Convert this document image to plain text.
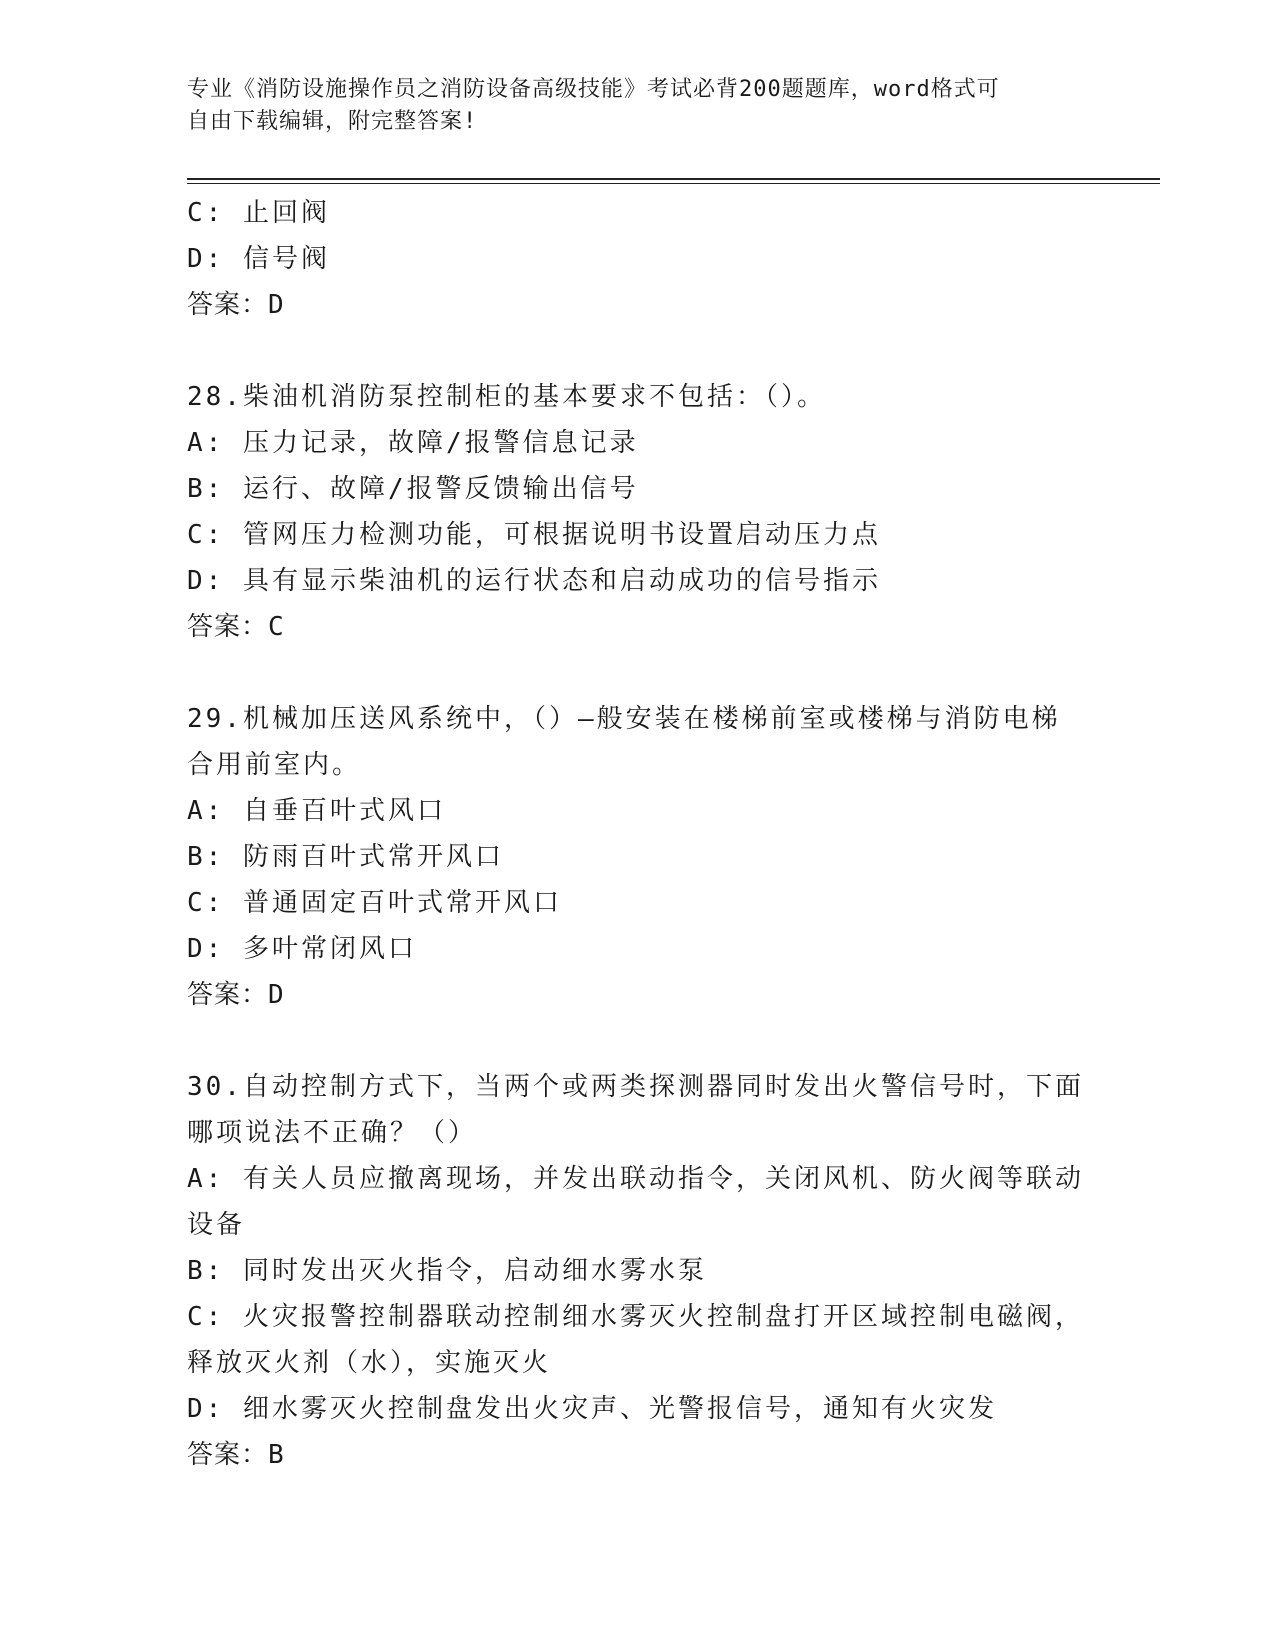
专业《消防设施操作员之消防设备高级技能》考试必背200题题库，word格式可
自由下载编辑，附完整答案!
C: 止回阀
D: 信号阀
答案：D
28.柴油机消防泵控制柜的基本要求不包括：（）。
A: 压力记录，故障/报警信息记录
B: 运行、故障/报警反馈输出信号
C: 管网压力检测功能，可根据说明书设置启动压力点
D: 具有显示柴油机的运行状态和启动成功的信号指示
答案：C
29.机械加压送风系统中，（）—般安装在楼梯前室或楼梯与消防电梯
合用前室内。
A: 自垂百叶式风口
B: 防雨百叶式常开风口
C: 普通固定百叶式常开风口
D: 多叶常闭风口
答案：D
30.自动控制方式下，当两个或两类探测器同时发出火警信号时，下面
哪项说法不正确？（）
A: 有关人员应撤离现场，并发出联动指令，关闭风机、防火阀等联动
设备
B: 同时发出灭火指令，启动细水雾水泵
C: 火灾报警控制器联动控制细水雾灭火控制盘打开区域控制电磁阀，
释放灭火剂（水），实施灭火
D: 细水雾灭火控制盘发出火灾声、光警报信号，通知有火灾发
答案：B
